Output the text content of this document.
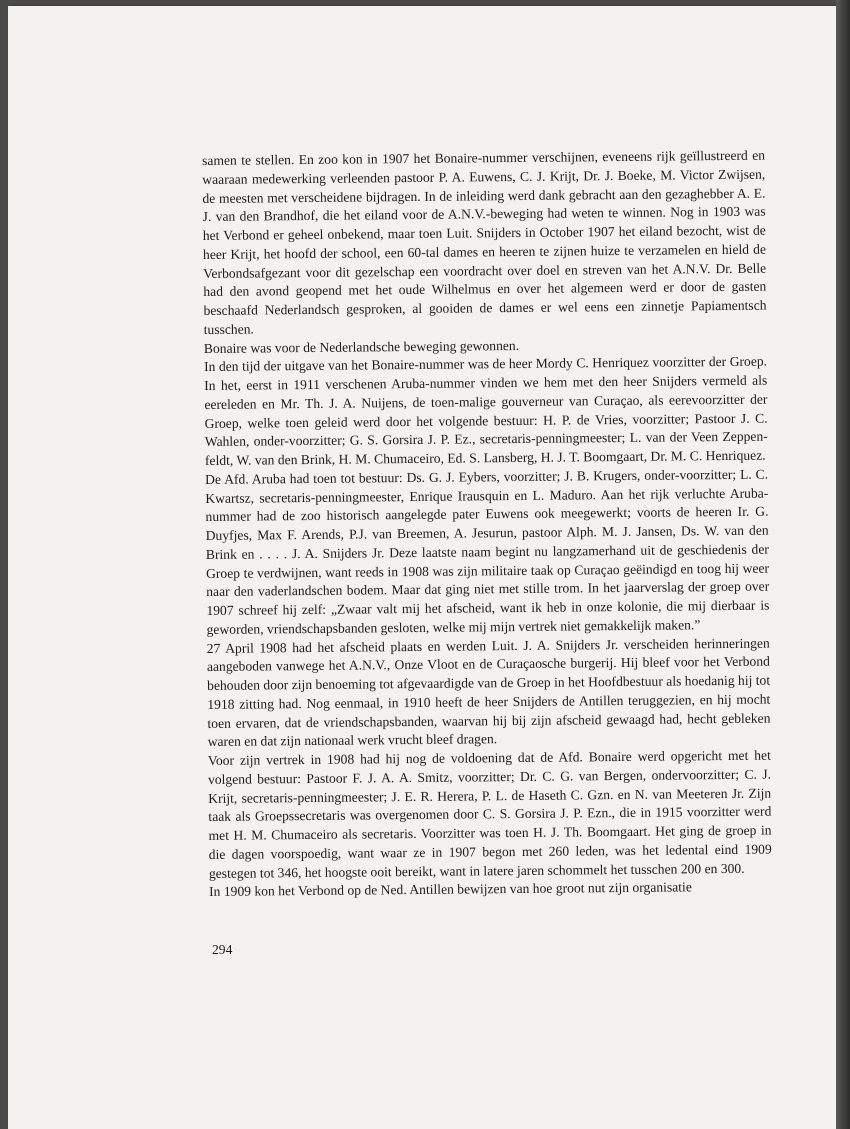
samen te stellen. En zoo kon in 1907 het Bonaire-nummer verschijnen, eveneens rijk geïllustreerd en waaraan medewerking verleenden pastoor P. A. Euwens, C. J. Krijt, Dr. J. Boeke, M. Victor Zwijsen, de meesten met verscheidene bijdragen. In de inleiding werd dank gebracht aan den gezaghebber A. E. J. van den Brandhof, die het eiland voor de A.N.V.-beweging had weten te winnen. Nog in 1903 was het Verbond er geheel onbekend, maar toen Luit. Snijders in October 1907 het eiland bezocht, wist de heer Krijt, het hoofd der school, een 60-tal dames en heeren te zijnen huize te verzamelen en hield de Verbondsafgezant voor dit gezelschap een voordracht over doel en streven van het A.N.V. Dr. Belle had den avond geopend met het oude Wilhelmus en over het algemeen werd er door de gasten beschaafd Nederlandsch gesproken, al gooiden de dames er wel eens een zinnetje Papiamentsch tusschen.

Bonaire was voor de Nederlandsche beweging gewonnen.

In den tijd der uitgave van het Bonaire-nummer was de heer Mordy C. Henriquez voorzitter der Groep. In het, eerst in 1911 verschenen Aruba-nummer vinden we hem met den heer Snijders vermeld als eereleden en Mr. Th. J. A. Nuijens, de toen-malige gouverneur van Curaçao, als eerevoorzitter der Groep, welke toen geleid werd door het volgende bestuur: H. P. de Vries, voorzitter; Pastoor J. C. Wahlen, onder-voorzitter; G. S. Gorsira J. P. Ez., secretaris-penningmeester; L. van der Veen Zeppen-feldt, W. van den Brink, H. M. Chumaceiro, Ed. S. Lansberg, H. J. T. Boomgaart, Dr. M. C. Henriquez.

De Afd. Aruba had toen tot bestuur: Ds. G. J. Eybers, voorzitter; J. B. Krugers, onder-voorzitter; L. C. Kwartsz, secretaris-penningmeester, Enrique Irausquin en L. Maduro. Aan het rijk verluchte Aruba-nummer had de zoo historisch aangelegde pater Euwens ook meegewerkt; voorts de heeren Ir. G. Duyfjes, Max F. Arends, P.J. van Breemen, A. Jesurun, pastoor Alph. M. J. Jansen, Ds. W. van den Brink en . . . . J. A. Snijders Jr. Deze laatste naam begint nu langzamerhand uit de geschiedenis der Groep te verdwijnen, want reeds in 1908 was zijn militaire taak op Curaçao geëindigd en toog hij weer naar den vaderlandschen bodem. Maar dat ging niet met stille trom. In het jaarverslag der groep over 1907 schreef hij zelf: „Zwaar valt mij het afscheid, want ik heb in onze kolonie, die mij dierbaar is geworden, vriendschapsbanden gesloten, welke mij mijn vertrek niet gemakkelijk maken.”

27 April 1908 had het afscheid plaats en werden Luit. J. A. Snijders Jr. verscheiden herinneringen aangeboden vanwege het A.N.V., Onze Vloot en de Curaçaosche burgerij. Hij bleef voor het Verbond behouden door zijn benoeming tot afgevaardigde van de Groep in het Hoofdbestuur als hoedanig hij tot 1918 zitting had. Nog eenmaal, in 1910 heeft de heer Snijders de Antillen teruggezien, en hij mocht toen ervaren, dat de vriendschapsbanden, waarvan hij bij zijn afscheid gewaagd had, hecht gebleken waren en dat zijn nationaal werk vrucht bleef dragen.

Voor zijn vertrek in 1908 had hij nog de voldoening dat de Afd. Bonaire werd opgericht met het volgend bestuur: Pastoor F. J. A. A. Smitz, voorzitter; Dr. C. G. van Bergen, ondervoorzitter; C. J. Krijt, secretaris-penningmeester; J. E. R. Herera, P. L. de Haseth C. Gzn. en N. van Meeteren Jr. Zijn taak als Groepssecretaris was overgenomen door C. S. Gorsira J. P. Ezn., die in 1915 voorzitter werd met H. M. Chumaceiro als secretaris. Voorzitter was toen H. J. Th. Boomgaart. Het ging de groep in die dagen voorspoedig, want waar ze in 1907 begon met 260 leden, was het ledental eind 1909 gestegen tot 346, het hoogste ooit bereikt, want in latere jaren schommelt het tusschen 200 en 300.

In 1909 kon het Verbond op de Ned. Antillen bewijzen van hoe groot nut zijn organisatie

294
